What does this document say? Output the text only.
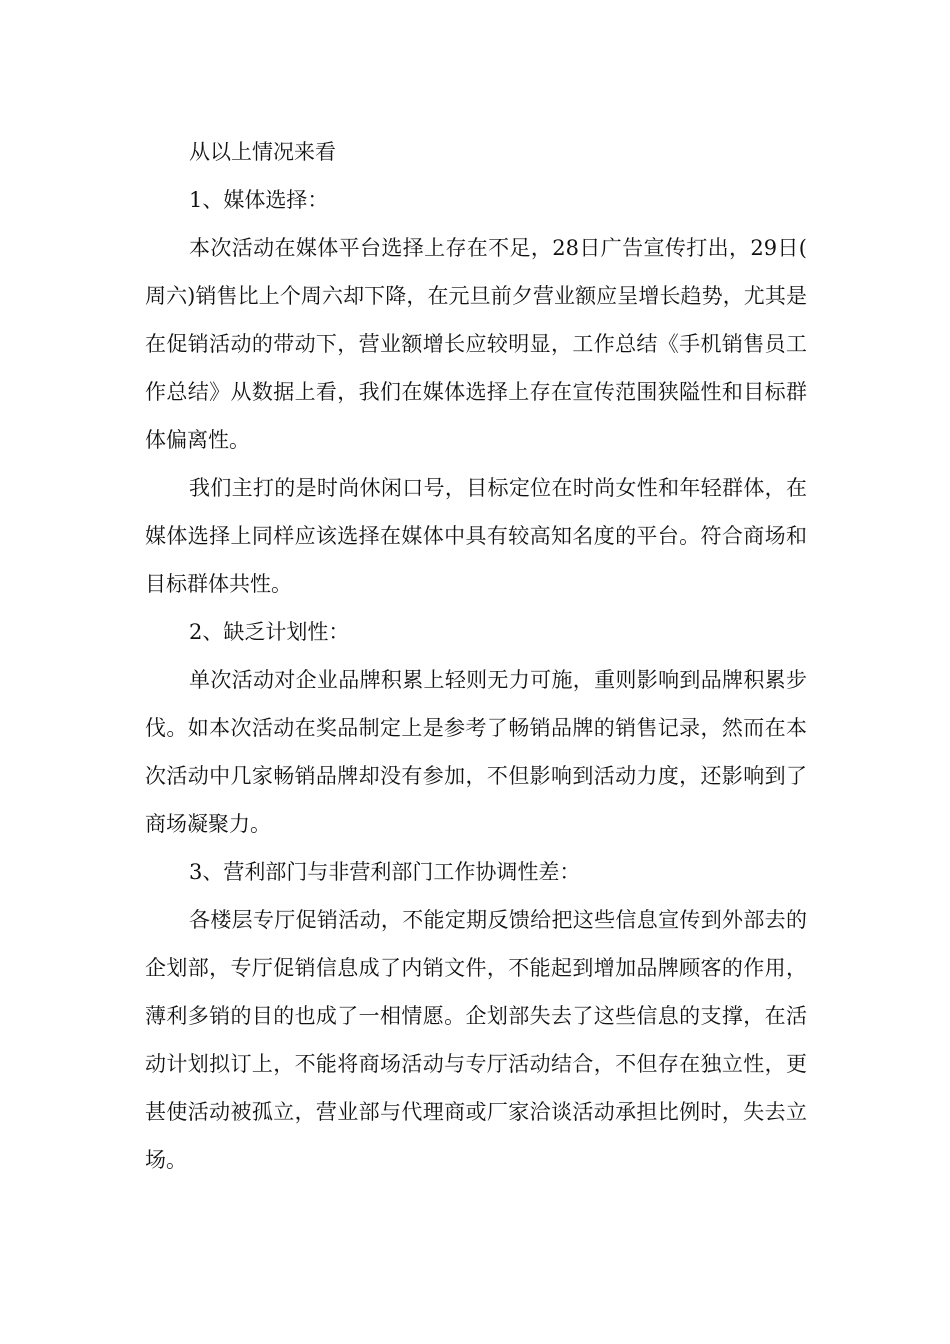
从以上情况来看

1、媒体选择：

本次活动在媒体平台选择上存在不足，28日广告宣传打出，29日(周六)销售比上个周六却下降，在元旦前夕营业额应呈增长趋势，尤其是在促销活动的带动下，营业额增长应较明显，工作总结《手机销售员工作总结》从数据上看，我们在媒体选择上存在宣传范围狭隘性和目标群体偏离性。

我们主打的是时尚休闲口号，目标定位在时尚女性和年轻群体，在媒体选择上同样应该选择在媒体中具有较高知名度的平台。符合商场和目标群体共性。

2、缺乏计划性：

单次活动对企业品牌积累上轻则无力可施，重则影响到品牌积累步伐。如本次活动在奖品制定上是参考了畅销品牌的销售记录，然而在本次活动中几家畅销品牌却没有参加，不但影响到活动力度，还影响到了商场凝聚力。

3、营利部门与非营利部门工作协调性差：

各楼层专厅促销活动，不能定期反馈给把这些信息宣传到外部去的企划部，专厅促销信息成了内销文件，不能起到增加品牌顾客的作用，薄利多销的目的也成了一相情愿。企划部失去了这些信息的支撑，在活动计划拟订上，不能将商场活动与专厅活动结合，不但存在独立性，更甚使活动被孤立，营业部与代理商或厂家洽谈活动承担比例时，失去立场。
